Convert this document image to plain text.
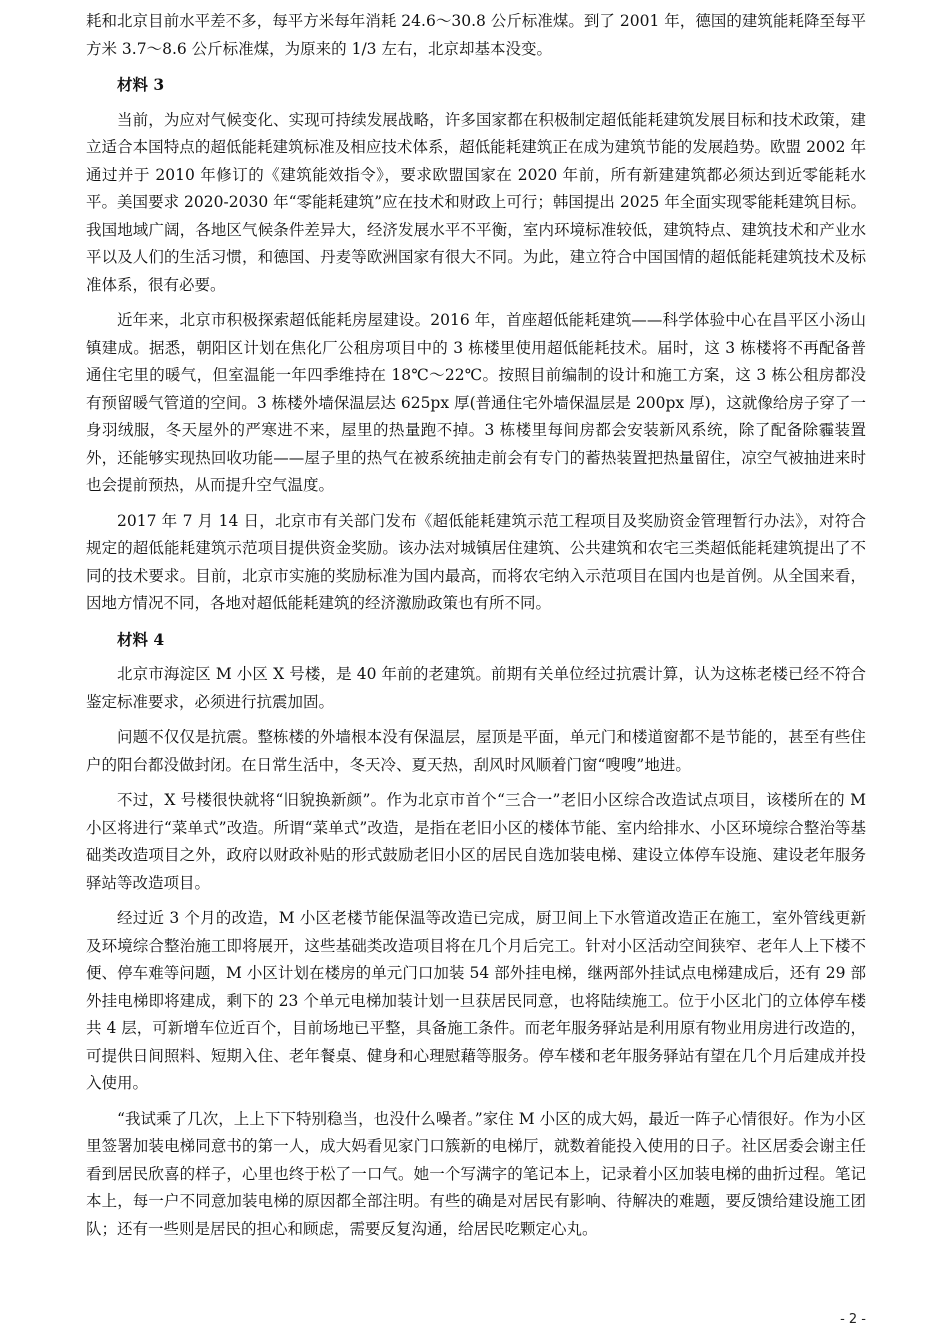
耗和北京目前水平差不多，每平方米每年消耗 24.6～30.8 公斤标准煤。到了 2001 年，德国的建筑能耗降至每平方米 3.7～8.6 公斤标准煤，为原来的 1/3 左右，北京却基本没变。

材料 3

当前，为应对气候变化、实现可持续发展战略，许多国家都在积极制定超低能耗建筑发展目标和技术政策，建立适合本国特点的超低能耗建筑标准及相应技术体系，超低能耗建筑正在成为建筑节能的发展趋势。欧盟 2002 年通过并于 2010 年修订的《建筑能效指令》，要求欧盟国家在 2020 年前，所有新建建筑都必须达到近零能耗水平。美国要求 2020-2030 年“零能耗建筑”应在技术和财政上可行；韩国提出 2025 年全面实现零能耗建筑目标。我国地域广阔，各地区气候条件差异大，经济发展水平不平衡，室内环境标准较低，建筑特点、建筑技术和产业水平以及人们的生活习惯，和德国、丹麦等欧洲国家有很大不同。为此，建立符合中国国情的超低能耗建筑技术及标准体系，很有必要。

近年来，北京市积极探索超低能耗房屋建设。2016 年，首座超低能耗建筑——科学体验中心在昌平区小汤山镇建成。据悉，朝阳区计划在焦化厂公租房项目中的 3 栋楼里使用超低能耗技术。届时，这 3 栋楼将不再配备普通住宅里的暖气，但室温能一年四季维持在 18℃～22℃。按照目前编制的设计和施工方案，这 3 栋公租房都没有预留暖气管道的空间。3 栋楼外墙保温层达 625px 厚(普通住宅外墙保温层是 200px 厚)，这就像给房子穿了一身羽绒服，冬天屋外的严寒进不来，屋里的热量跑不掉。3 栋楼里每间房都会安装新风系统，除了配备除霾装置外，还能够实现热回收功能——屋子里的热气在被系统抽走前会有专门的蓄热装置把热量留住，凉空气被抽进来时也会提前预热，从而提升空气温度。

2017 年 7 月 14 日，北京市有关部门发布《超低能耗建筑示范工程项目及奖励资金管理暂行办法》，对符合规定的超低能耗建筑示范项目提供资金奖励。该办法对城镇居住建筑、公共建筑和农宅三类超低能耗建筑提出了不同的技术要求。目前，北京市实施的奖励标准为国内最高，而将农宅纳入示范项目在国内也是首例。从全国来看，因地方情况不同，各地对超低能耗建筑的经济激励政策也有所不同。

材料 4

北京市海淀区 M 小区 X 号楼，是 40 年前的老建筑。前期有关单位经过抗震计算，认为这栋老楼已经不符合鉴定标准要求，必须进行抗震加固。

问题不仅仅是抗震。整栋楼的外墙根本没有保温层，屋顶是平面，单元门和楼道窗都不是节能的，甚至有些住户的阳台都没做封闭。在日常生活中，冬天冷、夏天热，刮风时风顺着门窗“嗖嗖”地进。

不过，X 号楼很快就将“旧貌换新颜”。作为北京市首个“三合一”老旧小区综合改造试点项目，该楼所在的 M 小区将进行“菜单式”改造。所谓“菜单式”改造，是指在老旧小区的楼体节能、室内给排水、小区环境综合整治等基础类改造项目之外，政府以财政补贴的形式鼓励老旧小区的居民自选加装电梯、建设立体停车设施、建设老年服务驿站等改造项目。

经过近 3 个月的改造，M 小区老楼节能保温等改造已完成，厨卫间上下水管道改造正在施工，室外管线更新及环境综合整治施工即将展开，这些基础类改造项目将在几个月后完工。针对小区活动空间狭窄、老年人上下楼不便、停车难等问题，M 小区计划在楼房的单元门口加装 54 部外挂电梯，继两部外挂试点电梯建成后，还有 29 部外挂电梯即将建成，剩下的 23 个单元电梯加装计划一旦获居民同意，也将陆续施工。位于小区北门的立体停车楼共 4 层，可新增车位近百个，目前场地已平整，具备施工条件。而老年服务驿站是利用原有物业用房进行改造的，可提供日间照料、短期入住、老年餐桌、健身和心理慰藉等服务。停车楼和老年服务驿站有望在几个月后建成并投入使用。

“我试乘了几次，上上下下特别稳当，也没什么噪者。”家住 M 小区的成大妈，最近一阵子心情很好。作为小区里签署加装电梯同意书的第一人，成大妈看见家门口簇新的电梯厅，就数着能投入使用的日子。社区居委会谢主任看到居民欣喜的样子，心里也终于松了一口气。她一个写满字的笔记本上，记录着小区加装电梯的曲折过程。笔记本上，每一户不同意加装电梯的原因都全部注明。有些的确是对居民有影响、待解决的难题，要反馈给建设施工团队；还有一些则是居民的担心和顾虑，需要反复沟通，给居民吃颗定心丸。

- 2 -
